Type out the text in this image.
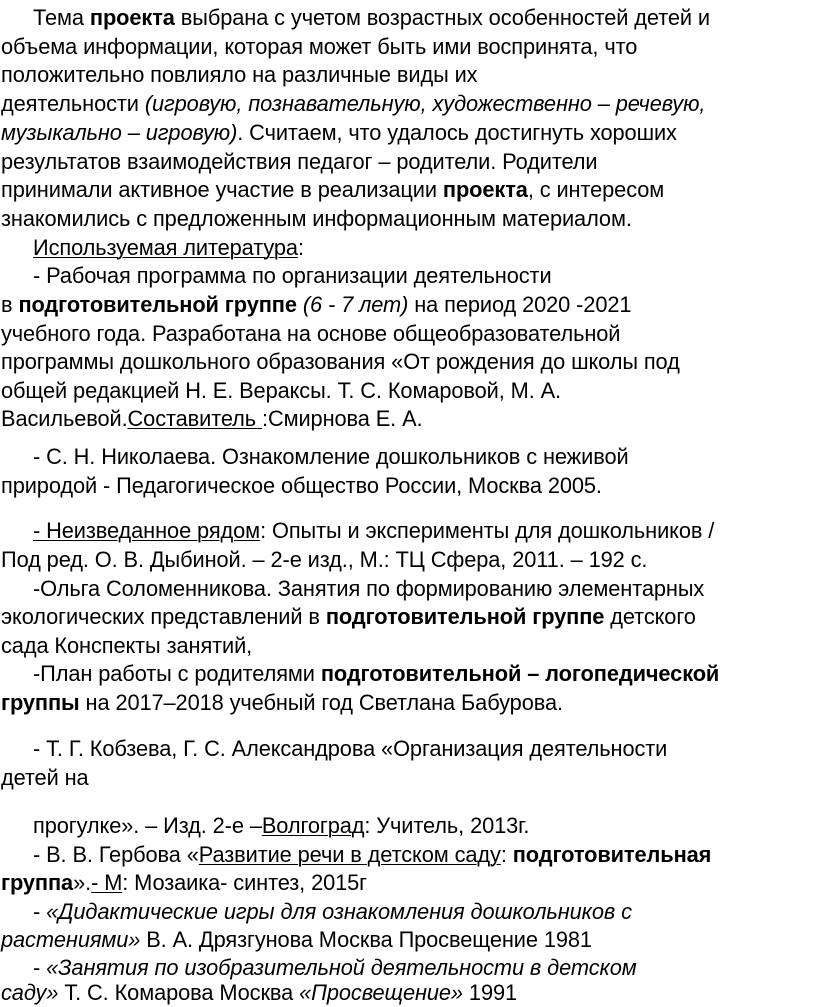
Тема проекта выбрана с учетом возрастных особенностей детей и
объема информации, которая может быть ими воспринята, что
положительно повлияло на различные виды их
деятельности (игровую, познавательную, художественно – речевую,
музыкально – игровую). Считаем, что удалось достигнуть хороших
результатов взаимодействия педагог – родители. Родители
принимали активное участие в реализации проекта, с интересом
знакомились с предложенным информационным материалом.
Используемая литература:
- Рабочая программа по организации деятельности
в подготовительной группе (6 - 7 лет) на период 2020 -2021
учебного года. Разработана на основе общеобразовательной
программы дошкольного образования «От рождения до школы под
общей редакцией Н. Е. Вераксы. Т. С. Комаровой, М. А.
Васильевой.Составитель :Смирнова Е. А.
- С. Н. Николаева. Ознакомление дошкольников с неживой
природой - Педагогическое общество России, Москва 2005.
- Неизведанное рядом: Опыты и эксперименты для дошкольников /
Под ред. О. В. Дыбиной. – 2-е изд., М.: ТЦ Сфера, 2011. – 192 с.
-Ольга Соломенникова. Занятия по формированию элементарных
экологических представлений в подготовительной группе детского
сада Конспекты занятий,
-План работы с родителями подготовительной – логопедической
группы на 2017–2018 учебный год Светлана Бабурова.
- Т. Г. Кобзева, Г. С. Александрова «Организация деятельности
детей на
прогулке». – Изд. 2-е –Волгоград: Учитель, 2013г.
- В. В. Гербова «Развитие речи в детском саду: подготовительная
группа».- М: Мозаика- синтез, 2015г
- «Дидактические игры для ознакомления дошкольников с
растениями» В. А. Дрязгунова Москва Просвещение 1981
- «Занятия по изобразительной деятельности в детском
саду» Т. С. Комарова Москва «Просвещение» 1991
